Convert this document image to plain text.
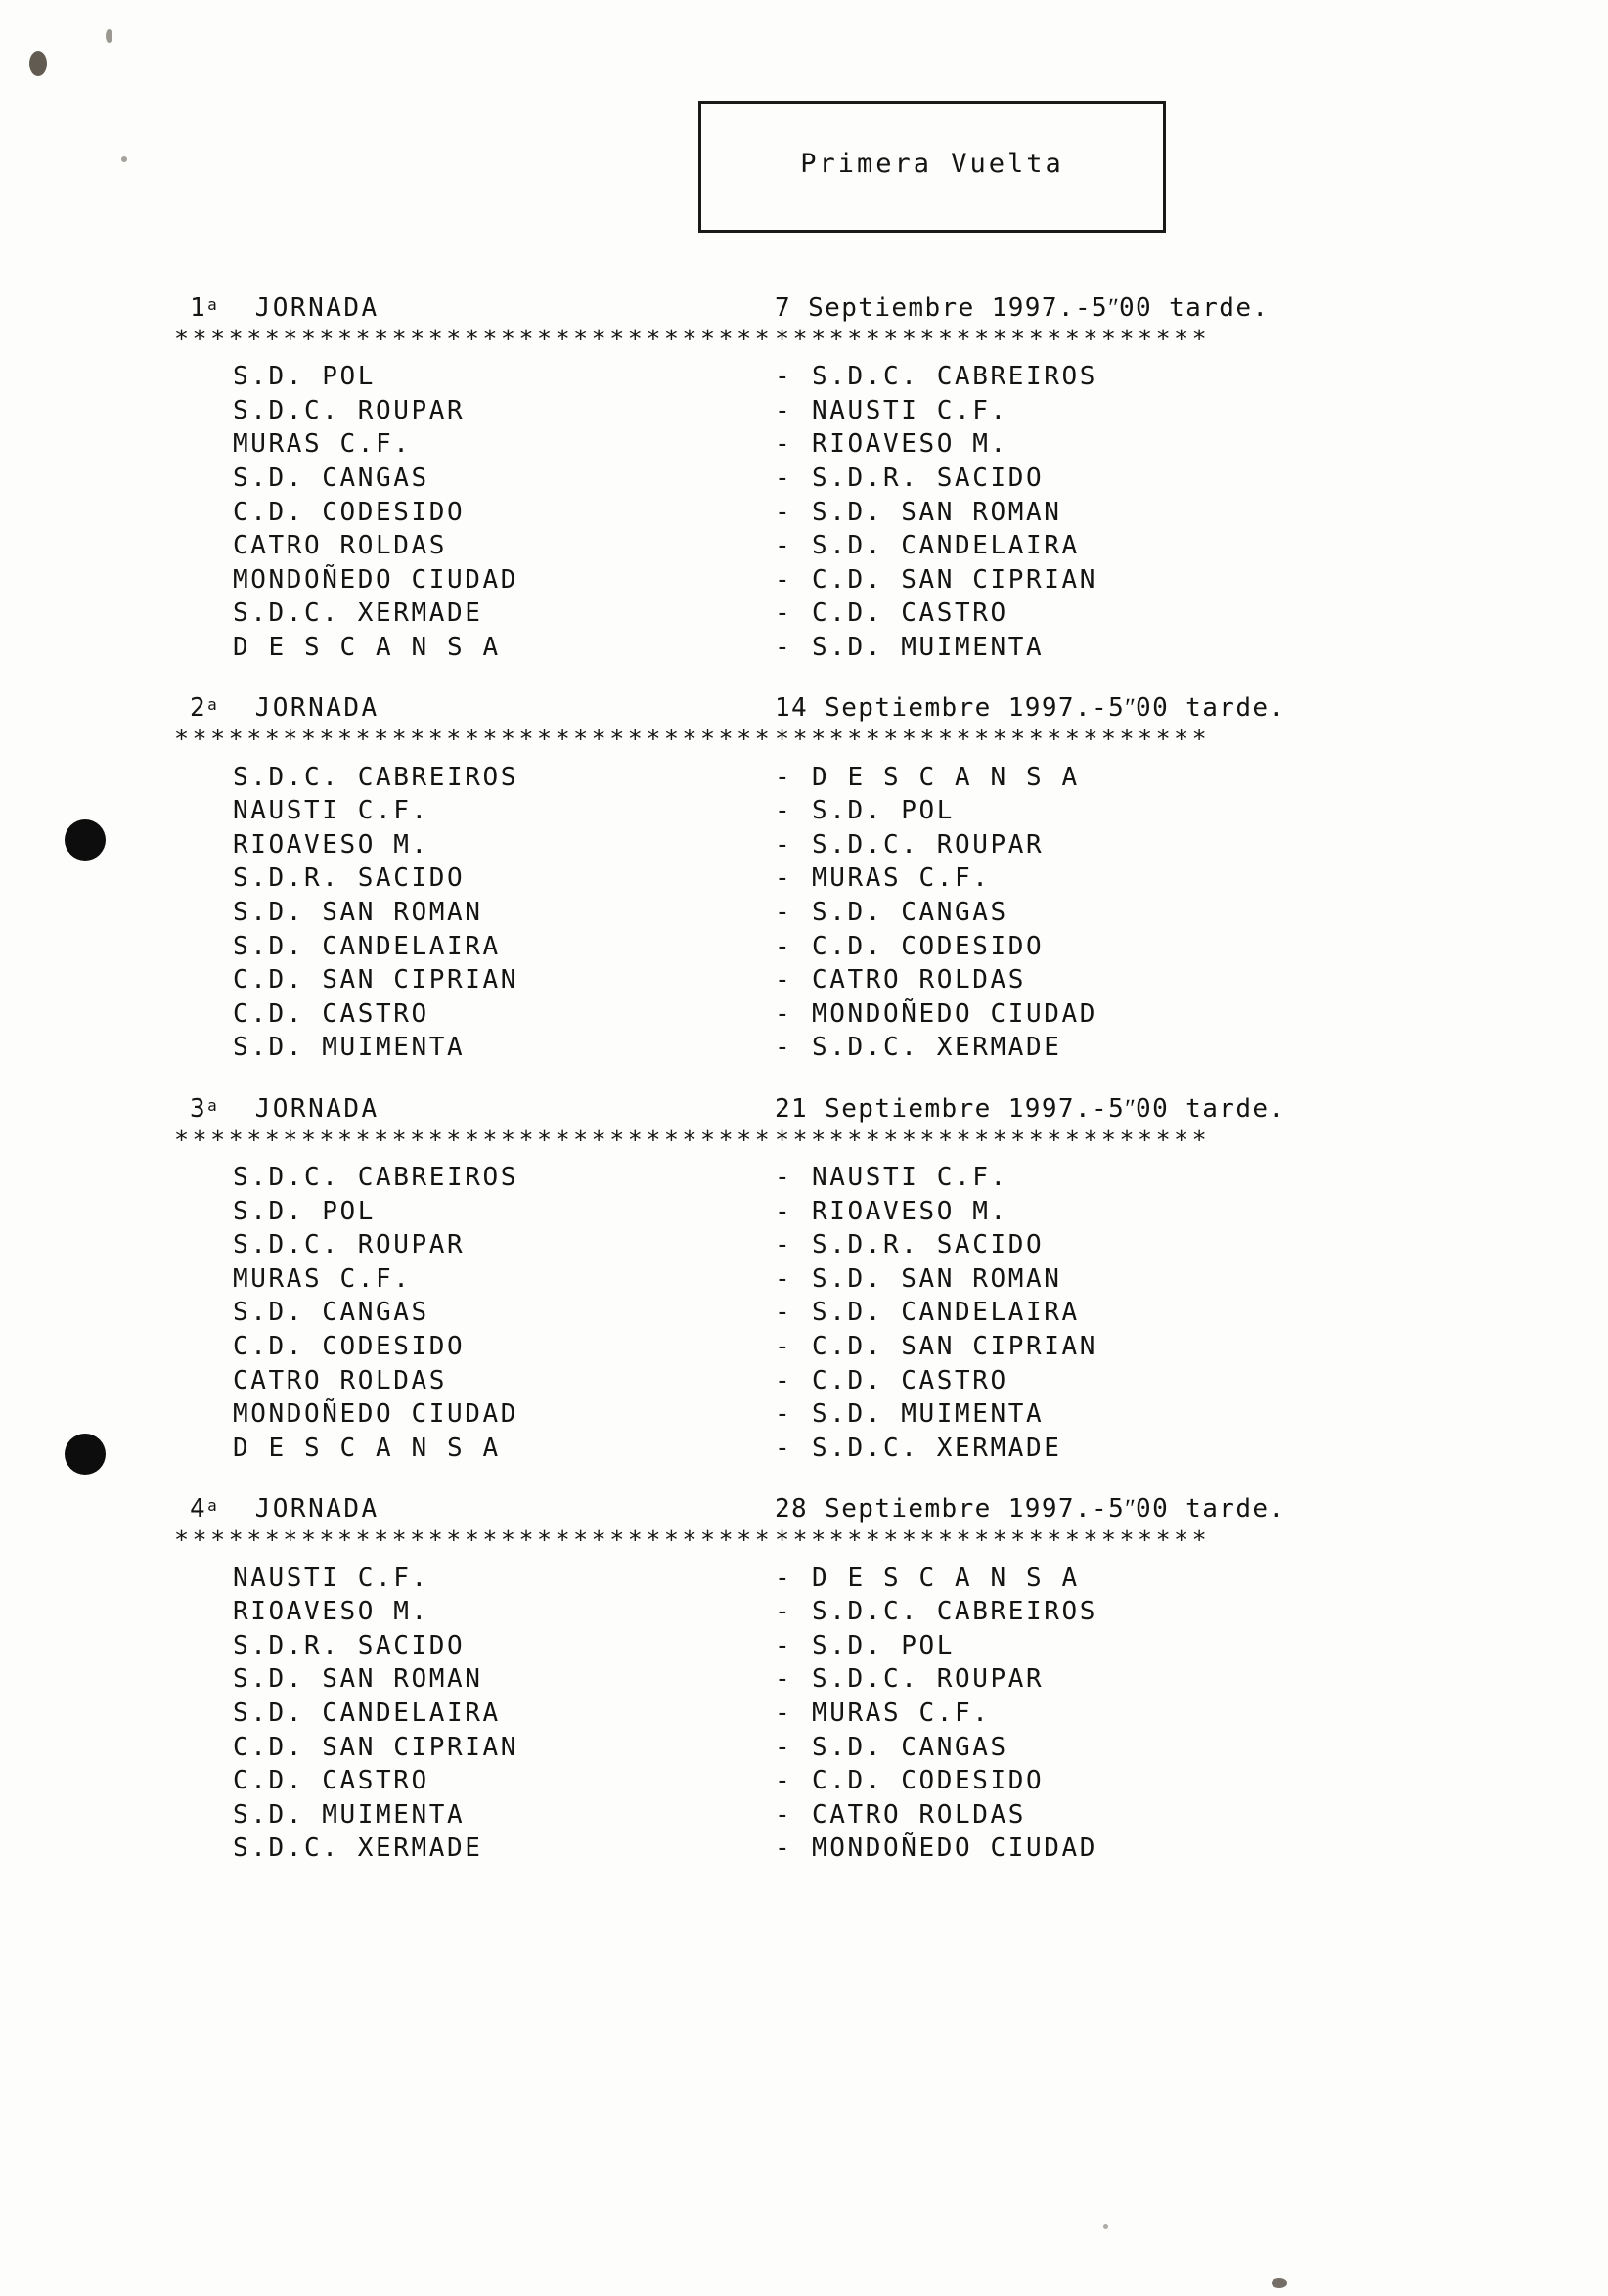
Primera Vuelta
1$^a$ JORNADA	7 Septiembre 1997.-5ʺ00 tarde.
********************************* ************************
S.D. POL	- S.D.C. CABREIROS
S.D.C. ROUPAR	- NAUSTI C.F.
MURAS C.F.	- RIOAVESO M.
S.D. CANGAS	- S.D.R. SACIDO
C.D. CODESIDO	- S.D. SAN ROMAN
CATRO ROLDAS	- S.D. CANDELAIRA
MONDOÑEDO CIUDAD	- C.D. SAN CIPRIAN
S.D.C. XERMADE	- C.D. CASTRO
D E S C A N S A	- S.D. MUIMENTA
2$^a$ JORNADA	14 Septiembre 1997.-5ʺ00 tarde.
********************************* ************************
S.D.C. CABREIROS	- D E S C A N S A
NAUSTI C.F.	- S.D. POL
RIOAVESO M.	- S.D.C. ROUPAR
S.D.R. SACIDO	- MURAS C.F.
S.D. SAN ROMAN	- S.D. CANGAS
S.D. CANDELAIRA	- C.D. CODESIDO
C.D. SAN CIPRIAN	- CATRO ROLDAS
C.D. CASTRO	- MONDOÑEDO CIUDAD
S.D. MUIMENTA	- S.D.C. XERMADE
3$^a$ JORNADA	21 Septiembre 1997.-5ʺ00 tarde.
********************************* ************************
S.D.C. CABREIROS	- NAUSTI C.F.
S.D. POL	- RIOAVESO M.
S.D.C. ROUPAR	- S.D.R. SACIDO
MURAS C.F.	- S.D. SAN ROMAN
S.D. CANGAS	- S.D. CANDELAIRA
C.D. CODESIDO	- C.D. SAN CIPRIAN
CATRO ROLDAS	- C.D. CASTRO
MONDOÑEDO CIUDAD	- S.D. MUIMENTA
D E S C A N S A	- S.D.C. XERMADE
4$^a$ JORNADA	28 Septiembre 1997.-5ʺ00 tarde.
********************************* ************************
NAUSTI C.F.	- D E S C A N S A
RIOAVESO M.	- S.D.C. CABREIROS
S.D.R. SACIDO	- S.D. POL
S.D. SAN ROMAN	- S.D.C. ROUPAR
S.D. CANDELAIRA	- MURAS C.F.
C.D. SAN CIPRIAN	- S.D. CANGAS
C.D. CASTRO	- C.D. CODESIDO
S.D. MUIMENTA	- CATRO ROLDAS
S.D.C. XERMADE	- MONDOÑEDO CIUDAD
